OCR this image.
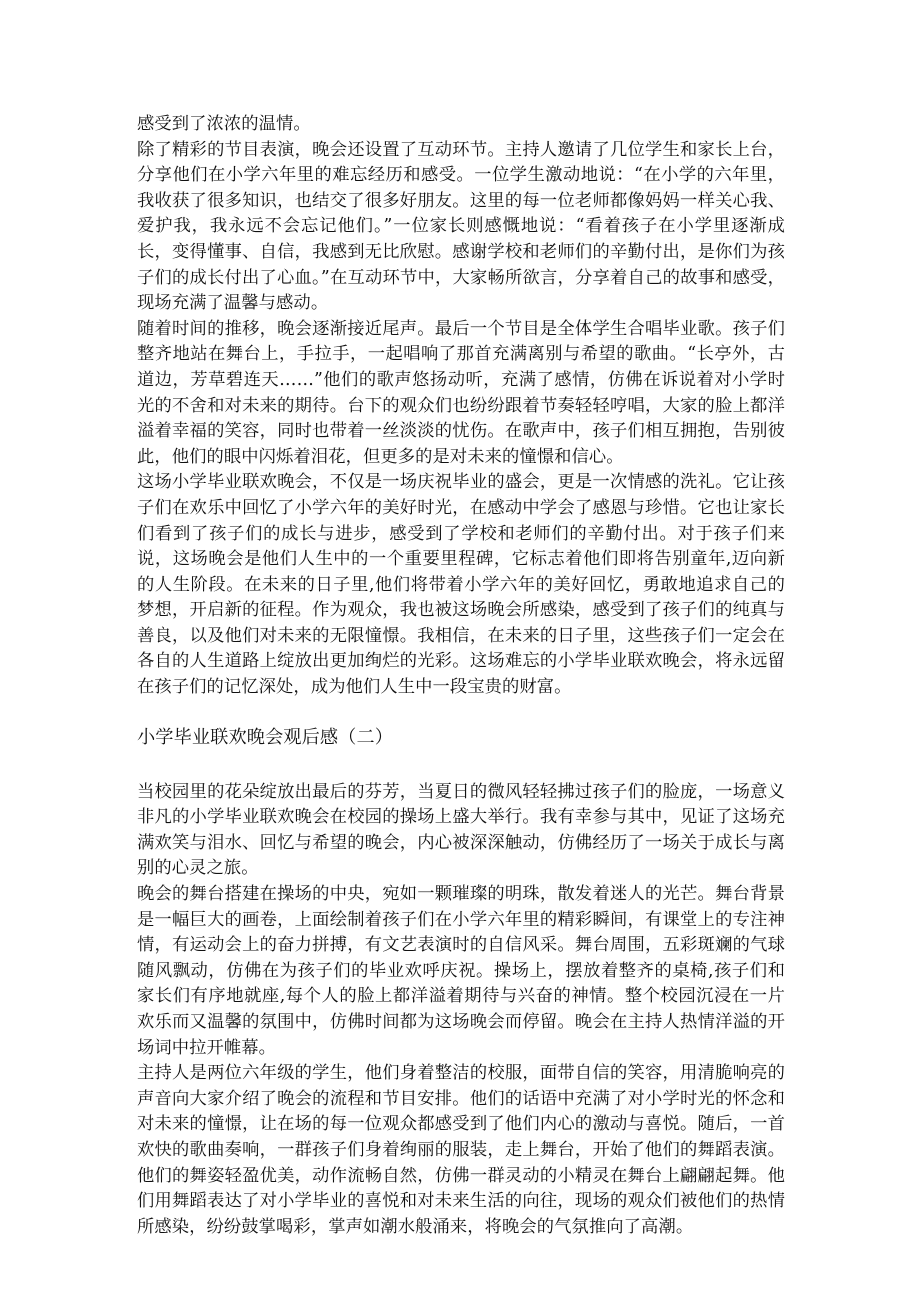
感受到了浓浓的温情。

除了精彩的节目表演，晚会还设置了互动环节。主持人邀请了几位学生和家长上台，分享他们在小学六年里的难忘经历和感受。一位学生激动地说：“在小学的六年里，我收获了很多知识，也结交了很多好朋友。这里的每一位老师都像妈妈一样关心我、爱护我，我永远不会忘记他们。”一位家长则感慨地说：“看着孩子在小学里逐渐成长，变得懂事、自信，我感到无比欣慰。感谢学校和老师们的辛勤付出，是你们为孩子们的成长付出了心血。”在互动环节中，大家畅所欲言，分享着自己的故事和感受，现场充满了温馨与感动。

随着时间的推移，晚会逐渐接近尾声。最后一个节目是全体学生合唱毕业歌。孩子们整齐地站在舞台上，手拉手，一起唱响了那首充满离别与希望的歌曲。“长亭外，古道边，芳草碧连天……”他们的歌声悠扬动听，充满了感情，仿佛在诉说着对小学时光的不舍和对未来的期待。台下的观众们也纷纷跟着节奏轻轻哼唱，大家的脸上都洋溢着幸福的笑容，同时也带着一丝淡淡的忧伤。在歌声中，孩子们相互拥抱，告别彼此，他们的眼中闪烁着泪花，但更多的是对未来的憧憬和信心。

这场小学毕业联欢晚会，不仅是一场庆祝毕业的盛会，更是一次情感的洗礼。它让孩子们在欢乐中回忆了小学六年的美好时光，在感动中学会了感恩与珍惜。它也让家长们看到了孩子们的成长与进步，感受到了学校和老师们的辛勤付出。对于孩子们来说，这场晚会是他们人生中的一个重要里程碑，它标志着他们即将告别童年,迈向新的人生阶段。在未来的日子里,他们将带着小学六年的美好回忆，勇敢地追求自己的梦想，开启新的征程。作为观众，我也被这场晚会所感染，感受到了孩子们的纯真与善良，以及他们对未来的无限憧憬。我相信，在未来的日子里，这些孩子们一定会在各自的人生道路上绽放出更加绚烂的光彩。这场难忘的小学毕业联欢晚会，将永远留在孩子们的记忆深处，成为他们人生中一段宝贵的财富。

小学毕业联欢晚会观后感（二）

当校园里的花朵绽放出最后的芬芳，当夏日的微风轻轻拂过孩子们的脸庞，一场意义非凡的小学毕业联欢晚会在校园的操场上盛大举行。我有幸参与其中，见证了这场充满欢笑与泪水、回忆与希望的晚会，内心被深深触动，仿佛经历了一场关于成长与离别的心灵之旅。

晚会的舞台搭建在操场的中央，宛如一颗璀璨的明珠，散发着迷人的光芒。舞台背景是一幅巨大的画卷，上面绘制着孩子们在小学六年里的精彩瞬间，有课堂上的专注神情，有运动会上的奋力拼搏，有文艺表演时的自信风采。舞台周围，五彩斑斓的气球随风飘动，仿佛在为孩子们的毕业欢呼庆祝。操场上，摆放着整齐的桌椅,孩子们和家长们有序地就座,每个人的脸上都洋溢着期待与兴奋的神情。整个校园沉浸在一片欢乐而又温馨的氛围中，仿佛时间都为这场晚会而停留。晚会在主持人热情洋溢的开场词中拉开帷幕。

主持人是两位六年级的学生，他们身着整洁的校服，面带自信的笑容，用清脆响亮的声音向大家介绍了晚会的流程和节目安排。他们的话语中充满了对小学时光的怀念和对未来的憧憬，让在场的每一位观众都感受到了他们内心的激动与喜悦。随后，一首欢快的歌曲奏响，一群孩子们身着绚丽的服装，走上舞台，开始了他们的舞蹈表演。他们的舞姿轻盈优美，动作流畅自然，仿佛一群灵动的小精灵在舞台上翩翩起舞。他们用舞蹈表达了对小学毕业的喜悦和对未来生活的向往，现场的观众们被他们的热情所感染，纷纷鼓掌喝彩，掌声如潮水般涌来，将晚会的气氛推向了高潮。
